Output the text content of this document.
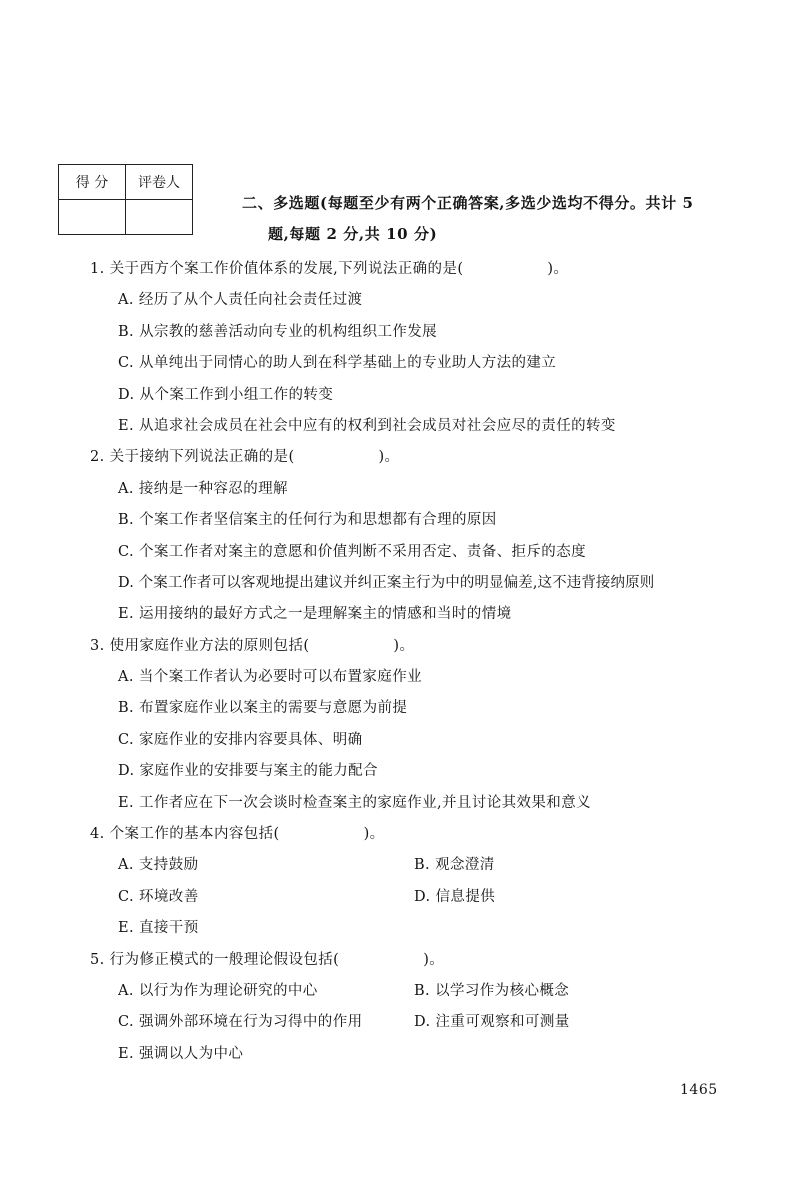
得 分	评卷人

二、多选题(每题至少有两个正确答案,多选少选均不得分。共计 5
题,每题 2 分,共 10 分)
1. 关于西方个案工作价值体系的发展,下列说法正确的是(	)。
A. 经历了从个人责任向社会责任过渡
B. 从宗教的慈善活动向专业的机构组织工作发展
C. 从单纯出于同情心的助人到在科学基础上的专业助人方法的建立
D. 从个案工作到小组工作的转变
E. 从追求社会成员在社会中应有的权利到社会成员对社会应尽的责任的转变
2. 关于接纳下列说法正确的是(	)。
A. 接纳是一种容忍的理解
B. 个案工作者坚信案主的任何行为和思想都有合理的原因
C. 个案工作者对案主的意愿和价值判断不采用否定、责备、拒斥的态度
D. 个案工作者可以客观地提出建议并纠正案主行为中的明显偏差,这不违背接纳原则
E. 运用接纳的最好方式之一是理解案主的情感和当时的情境
3. 使用家庭作业方法的原则包括(	)。
A. 当个案工作者认为必要时可以布置家庭作业
B. 布置家庭作业以案主的需要与意愿为前提
C. 家庭作业的安排内容要具体、明确
D. 家庭作业的安排要与案主的能力配合
E. 工作者应在下一次会谈时检查案主的家庭作业,并且讨论其效果和意义
4. 个案工作的基本内容包括(	)。
A. 支持鼓励	B. 观念澄清
C. 环境改善	D. 信息提供
E. 直接干预
5. 行为修正模式的一般理论假设包括(	)。
A. 以行为作为理论研究的中心	B. 以学习作为核心概念
C. 强调外部环境在行为习得中的作用	D. 注重可观察和可测量
E. 强调以人为中心
1465
